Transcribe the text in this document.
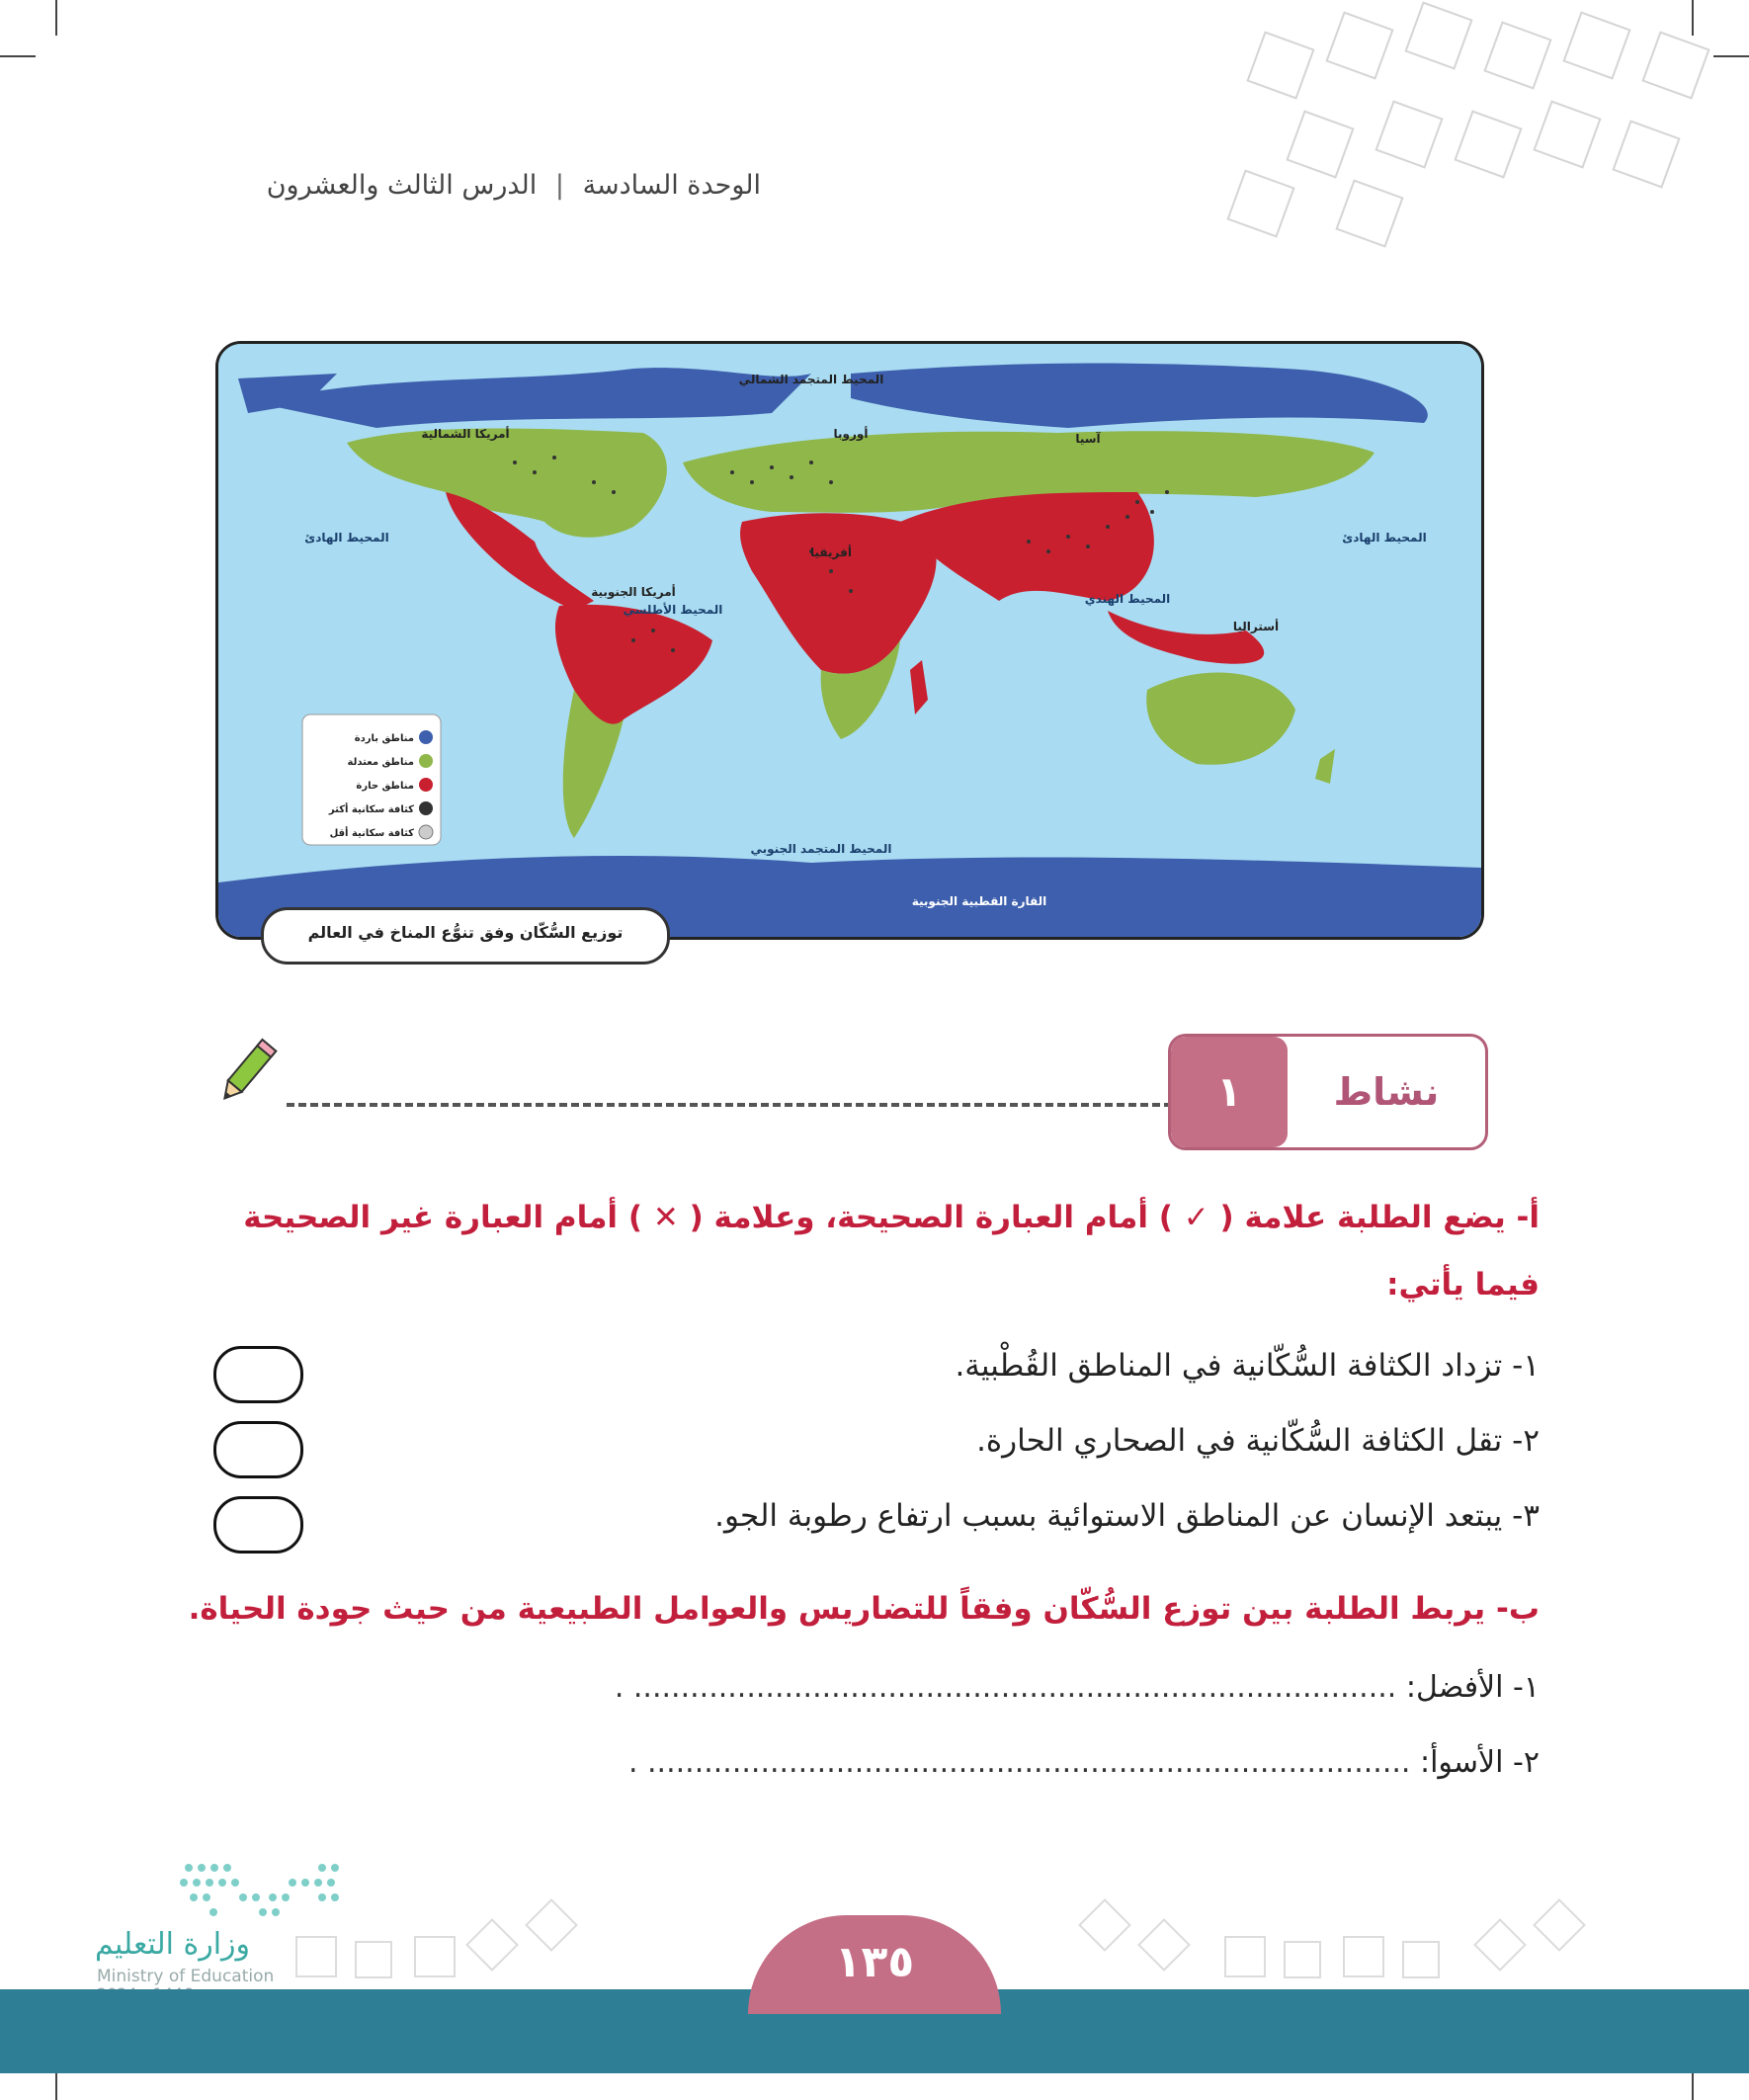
الوحدة السادسة | الدرس الثالث والعشرون
المحيط المتجمد الشمالي
أمريكا الشمالية	أوروبا	آسيا
المحيط الهادئ	المحيط الهادئ
أفريقيا
أمريكا الجنوبية
المحيط الأطلسي
المحيط الهندي
أستراليا
المحيط المتجمد الجنوبي
القارة القطبية الجنوبية
مناطق باردة
مناطق معتدلة
مناطق حارة
كثافة سكانية أكثر
كثافة سكانية أقل
توزيع السُّكّان وفق تنوُّع المناخ في العالم
نشاط
١
أ- يضع الطلبة علامة ( ✓ ) أمام العبارة الصحيحة، وعلامة ( ✕ ) أمام العبارة غير الصحيحة
فيما يأتي:
١- تزداد الكثافة السُّكّانية في المناطق القُطْبية.
٢- تقل الكثافة السُّكّانية في الصحاري الحارة.
٣- يبتعد الإنسان عن المناطق الاستوائية بسبب ارتفاع رطوبة الجو.
ب- يربط الطلبة بين توزع السُّكّان وفقاً للتضاريس والعوامل الطبيعية من حيث جودة الحياة.
١- الأفضل: ................................................................................. .
٢- الأسوأ: ................................................................................. .
وزارة التعليم
Ministry of Education	١٣٥
